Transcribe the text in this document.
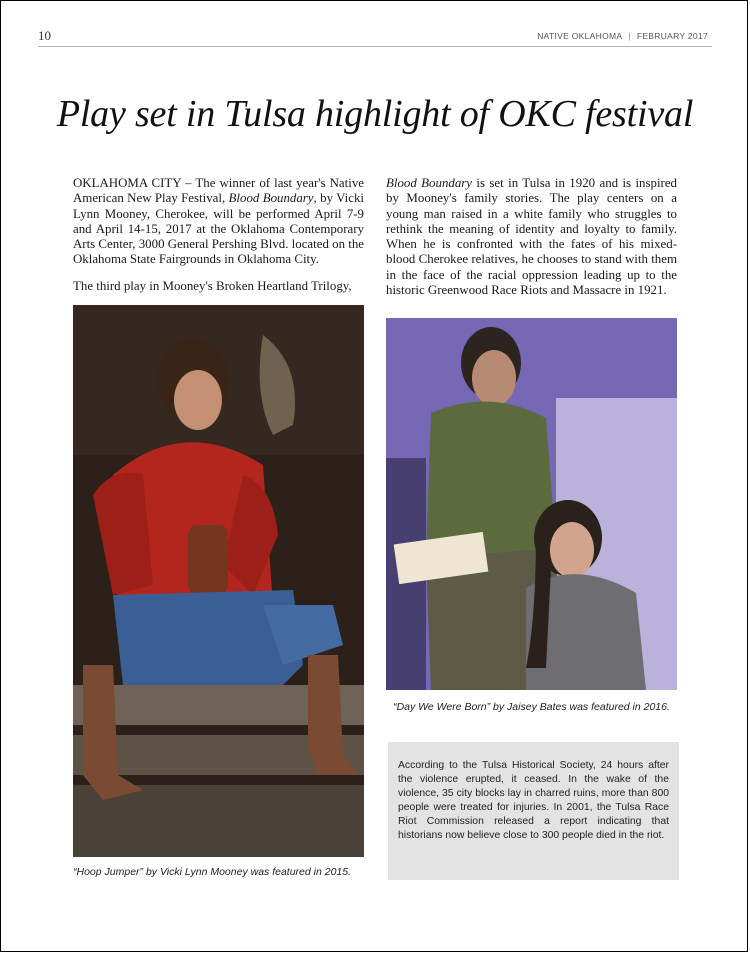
10	NATIVE OKLAHOMA | FEBRUARY 2017
Play set in Tulsa highlight of OKC festival

OKLAHOMA CITY – The winner of last year's Native American New Play Festival, Blood Boundary, by Vicki Lynn Mooney, Cherokee, will be performed April 7-9 and April 14-15, 2017 at the Oklahoma Contemporary Arts Center, 3000 General Pershing Blvd. located on the Oklahoma State Fairgrounds in Oklahoma City.

The third play in Mooney's Broken Heartland Trilogy,

Blood Boundary is set in Tulsa in 1920 and is inspired by Mooney's family stories. The play centers on a young man raised in a white family who struggles to rethink the meaning of identity and loyalty to family. When he is confronted with the fates of his mixed-blood Cherokee relatives, he chooses to stand with them in the face of the racial oppression leading up to the historic Greenwood Race Riots and Massacre in 1921.

“Hoop Jumper” by Vicki Lynn Mooney was featured in 2015.
“Day We Were Born” by Jaisey Bates was featured in 2016.

According to the Tulsa Historical Society, 24 hours after the violence erupted, it ceased. In the wake of the violence, 35 city blocks lay in charred ruins, more than 800 people were treated for injuries. In 2001, the Tulsa Race Riot Commission released a report indicating that historians now believe close to 300 people died in the riot.
